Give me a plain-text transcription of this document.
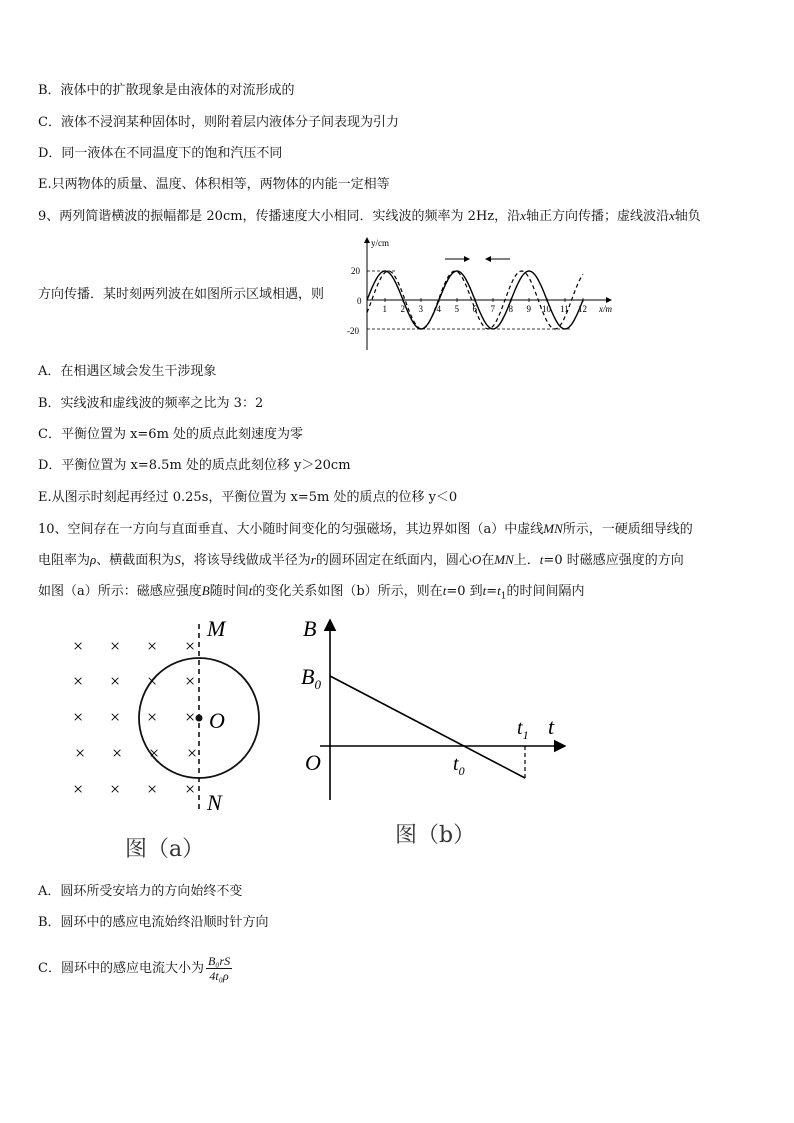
B．液体中的扩散现象是由液体的对流形成的
C．液体不浸润某种固体时，则附着层内液体分子间表现为引力
D．同一液体在不同温度下的饱和汽压不同
E.只两物体的质量、温度、体积相等，两物体的内能一定相等
9、两列简谐横波的振幅都是 20cm，传播速度大小相同．实线波的频率为 2Hz，沿x轴正方向传播；虚线波沿x轴负
方向传播．某时刻两列波在如图所示区域相遇，则
y/cm
x/m
20
0
-20
1 2 3 4 5 6 7 8 9 10 11 12
A．在相遇区域会发生干涉现象
B．实线波和虚线波的频率之比为 3：2
C．平衡位置为 x=6m 处的质点此刻速度为零
D．平衡位置为 x=8.5m 处的质点此刻位移 y＞20cm
E.从图示时刻起再经过 0.25s，平衡位置为 x=5m 处的质点的位移 y＜0
10、空间存在一方向与直面垂直、大小随时间变化的匀强磁场，其边界如图（a）中虚线MN所示，一硬质细导线的
电阻率为ρ、横截面积为S，将该导线做成半径为r的圆环固定在纸面内，圆心O在MN上．t=0 时磁感应强度的方向
如图（a）所示：磁感应强度B随时间t的变化关系如图（b）所示，则在t=0 到$t=t_1$的时间间隔内
× × × ×
× × × ×
× × × ×
× × × ×
× × × ×
M
N
O
图（a）
B
$B_0$
O
t
$t_0$
$t_1$
图（b）
A．圆环所受安培力的方向始终不变
B．圆环中的感应电流始终沿顺时针方向
C．圆环中的感应电流大小为 $\frac{\text{B₀rS}}{\text{4t₀ρ}}$
